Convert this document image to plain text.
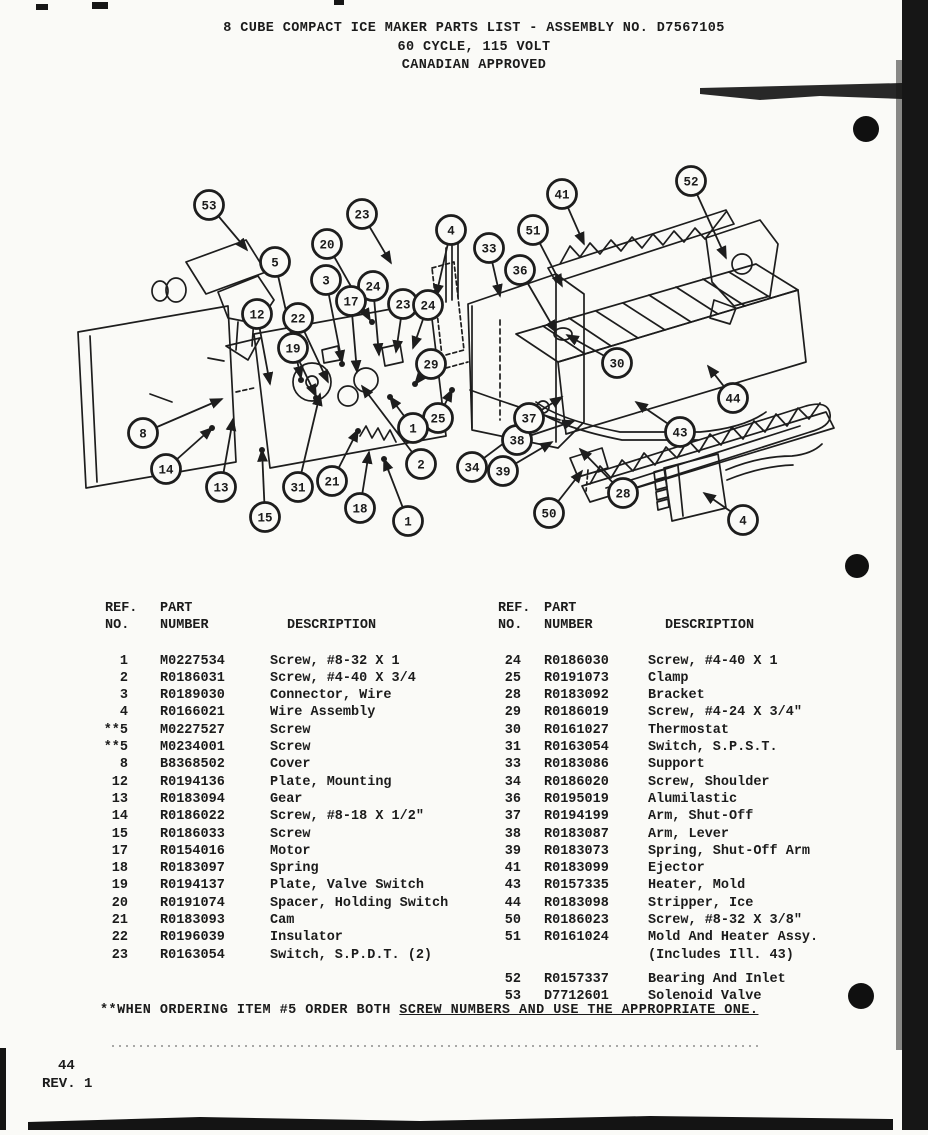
8 CUBE COMPACT ICE MAKER PARTS LIST - ASSEMBLY NO. D7567105
60 CYCLE, 115 VOLT
CANADIAN APPROVED
53
23
20
4
5
3	24
17	23 24
12 22
19
33
36
51
41
52
30
29
25
1
2	34 39
38
37
31 21
18
1
8
14
13
15
44
43
28
50	4
REF.	PART
NO.	NUMBER	DESCRIPTION
1	M0227534	Screw, #8-32 X 1
2	R0186031	Screw, #4-40 X 3/4
3	R0189030	Connector, Wire
4	R0166021	Wire Assembly
**5	M0227527	Screw
**5	M0234001	Screw
8	B8368502	Cover
12	R0194136	Plate, Mounting
13	R0183094	Gear
14	R0186022	Screw, #8-18 X 1/2"
15	R0186033	Screw
17	R0154016	Motor
18	R0183097	Spring
19	R0194137	Plate, Valve Switch
20	R0191074	Spacer, Holding Switch
21	R0183093	Cam
22	R0196039	Insulator
23	R0163054	Switch, S.P.D.T. (2)
REF.	PART
NO.	NUMBER	DESCRIPTION
24	R0186030	Screw, #4-40 X 1
25	R0191073	Clamp
28	R0183092	Bracket
29	R0186019	Screw, #4-24 X 3/4"
30	R0161027	Thermostat
31	R0163054	Switch, S.P.S.T.
33	R0183086	Support
34	R0186020	Screw, Shoulder
36	R0195019	Alumilastic
37	R0194199	Arm, Shut-Off
38	R0183087	Arm, Lever
39	R0183073	Spring, Shut-Off Arm
41	R0183099	Ejector
43	R0157335	Heater, Mold
44	R0183098	Stripper, Ice
50	R0186023	Screw, #8-32 X 3/8"
51	R0161024	Mold And Heater Assy.
(Includes Ill. 43)
52	R0157337	Bearing And Inlet
53	D7712601	Solenoid Valve
**WHEN ORDERING ITEM #5 ORDER BOTH SCREW NUMBERS AND USE THE APPROPRIATE ONE.
44
REV. 1
